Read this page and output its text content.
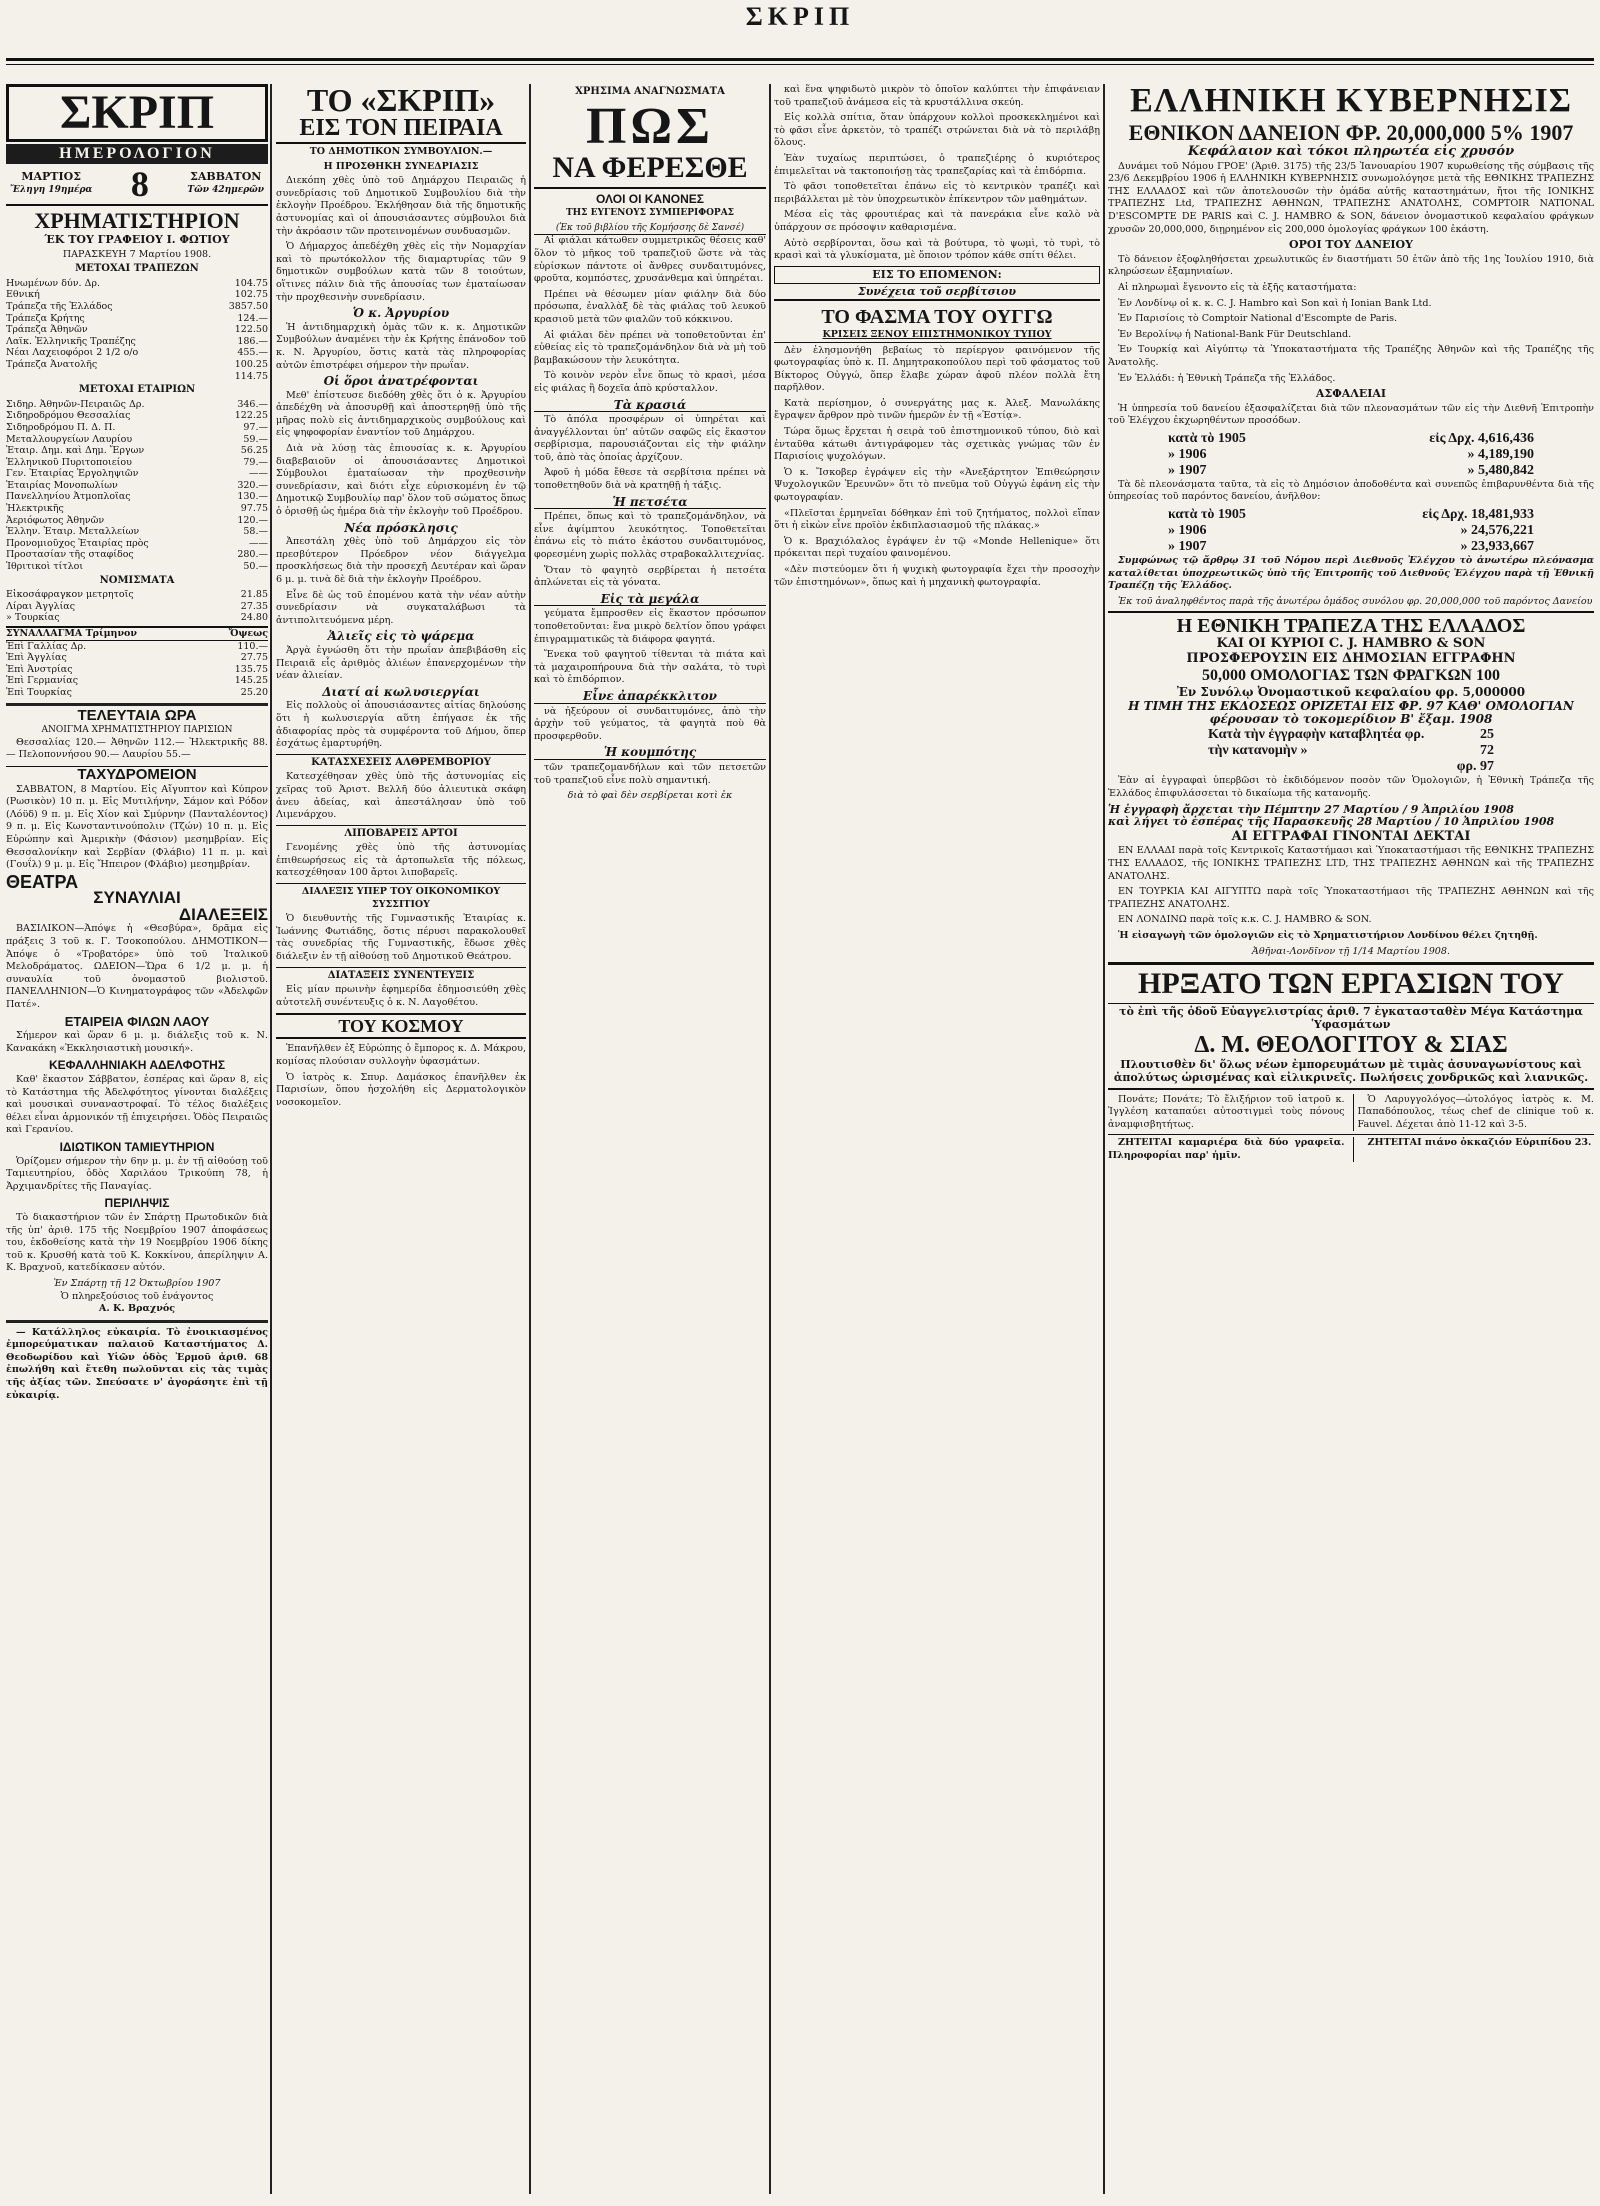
ΣΚΡΙΠ
ΣΚΡΙΠ
ΗΜΕΡΟΛΟΓΙΟΝ
ΜΑΡΤΙΟΣ
Ἔληγη 19ημέρα 8	ΣΑΒΒΑΤΟΝ
Τῶν 42ημερῶν
ΧΡΗΜΑΤΙΣΤΗΡΙΟΝ
ΈΚ ΤΟΥ ΓΡΑΦΕΙΟΥ Ι. ΦΩΤΙΟΥ
ΠΑΡΑΣΚΕΥΗ 7 Μαρτίου 1908.
ΜΕΤΟΧΑΙ ΤΡΑΠΕΖΩΝ
Ηνωμένων δύν. Δρ.	104.75
Εθνική	102.75
Τράπεζα τῆς Ἑλλάδος	3857.50
Τράπεζα Κρήτης	124.—
Τράπεζα Ἀθηνῶν	122.50
Λαϊκ. Ἑλληνικῆς Τραπέζης	186.—
Νέαι Λαχειοφόροι 2 1/2 ο/ο	455.—
Τράπεζα Ἀνατολῆς	100.25
114.75
ΜΕΤΟΧΑΙ ΕΤΑΙΡΙΩΝ
Σιδηρ. Ἀθηνῶν-Πειραιῶς Δρ.	346.—
Σιδηροδρόμου Θεσσαλίας	122.25
Σιδηροδρόμου Π. Δ. Π.	97.—
Μεταλλουργείων Λαυρίου	59.—
Ἐταιρ. Δημ. καὶ Δημ. Ἔργων	56.25
Ἑλληνικοῦ Πυριτοποιείου	79.—
Γεν. Ἐταιρίας Ἐργοληψιῶν	——
Ἐταιρίας Μονοπωλίων	320.—
Πανελληνίου Ἀτμοπλοΐας	130.—
Ἠλεκτρικῆς	97.75
Ἀεριόφωτος Ἀθηνῶν	120.—
Ἑλλην. Ἐταιρ. Μεταλλείων	58.—
Προνομιοῦχος Ἐταιρίας πρὸς	——
Προστασίαν τῆς σταφίδος	280.—
Ἰθριτικοὶ τίτλοι	50.—
ΝΟΜΙΣΜΑΤΑ
Εἰκοσάφραγκον μετρητοῖς	21.85
Λίραι Ἀγγλίας	27.35
» Τουρκίας	24.80
ΣΥΝΑΛΛΑΓΜΑ Τρίμηνον	Ὄψεως
Ἐπὶ Γαλλίας Δρ.	110.—
Ἐπὶ Ἀγγλίας	27.75
Ἐπὶ Ἀνστρίας	135.75
Ἐπὶ Γερμανίας	145.25
Ἐπὶ Τουρκίας	25.20
ΤΕΛΕΥΤΑΙΑ ΩΡΑ
ΑΝΟΙΓΜΑ ΧΡΗΜΑΤΙΣΤΗΡΙΟΥ ΠΑΡΙΣΙΩΝ

Θεσσαλίας 120.— Ἀθηνῶν 112.— Ἠλεκτρικῆς 88.— Πελοποννήσου 90.— Λαυρίου 55.—

ΤΑΧΥΔΡΟΜΕΙΟΝ

ΣΑΒΒΑΤΟΝ, 8 Μαρτίου. Εἰς Αἴγυπτον καὶ Κύπρον (Ρωσικὸν) 10 π. μ. Εἰς Μυτιλήνην, Σάμον καὶ Ρόδον (Λόϋδ) 9 π. μ. Εἰς Χίον καὶ Σμύρνην (Πανταλέοντος) 9 π. μ. Εἰς Κωνσταντινούπολιν (Τζών) 10 π. μ. Εἰς Εὐρώπην καὶ Ἀμερικὴν (Φάσιον) μεσημβρίαν. Εἰς Θεσσαλονίκην καὶ Σερβίαν (Φλάβιο) 11 π. μ. καὶ (Γουΐλ) 9 μ. μ. Εἰς Ἤπειρον (Φλάβιο) μεσημβρίαν.

ΘΕΑΤΡΑ
ΣΥΝΑΥΛΙΑΙ
ΔΙΑΛΕΞΕΙΣ

ΒΑΣΙΛΙΚΟΝ—Ἀπόψε ἡ «Θεσβύρα», δρᾶμα εἰς πράξεις 3 τοῦ κ. Γ. Τσοκοπούλου. ΔΗΜΟΤΙΚΟΝ—Ἀπόψε ὁ «Τροβατόρε» ὑπὸ τοῦ Ἰταλικοῦ Μελοδράματος. ΩΔΕΙΟΝ—Ὥρα 6 1/2 μ. μ. ἡ συναυλία τοῦ ὀνομαστοῦ βιολιστοῦ. ΠΑΝΕΛΛΗΝΙΟΝ—Ὁ Κινηματογράφος τῶν «Ἀδελφῶν Πατέ».

ΕΤΑΙΡΕΙΑ ΦΙΛΩΝ ΛΑΟΥ

Σήμερον καὶ ὥραν 6 μ. μ. διάλεξις τοῦ κ. Ν. Κανακάκη «Ἐκκλησιαστικὴ μουσική».

ΚΕΦΑΛΛΗΝΙΑΚΗ ΑΔΕΛΦΟΤΗΣ

Καθ' ἕκαστον Σάββατον, ἑσπέρας καὶ ὥραν 8, εἰς τὸ Κατάστημα τῆς Ἀδελφότητος γίνονται διαλέξεις καὶ μουσικαὶ συναναστροφαί. Τὸ τέλος διαλέξεις θέλει εἶναι ἁρμονικόν τῇ ἐπιχειρήσει. Ὁδὸς Πειραιῶς καὶ Γερανίου.

ΙΔΙΩΤΙΚΟΝ ΤΑΜΙΕΥΤΗΡΙΟΝ

Ὁρίζομεν σήμερον τὴν 6ην μ. μ. ἐν τῇ αἰθούσῃ τοῦ Ταμιευτηρίου, ὁδὸς Χαριλάου Τρικούπη 78, ἡ Ἀρχιμανδρίτες τῆς Παναγίας.

ΠΕΡΙΛΗΨΙΣ

Τὸ διακαστήριον τῶν ἐν Σπάρτῃ Πρωτοδικῶν διὰ τῆς ὑπ' ἀριθ. 175 τῆς Νοεμβρίου 1907 ἀποφάσεως του, ἐκδοθείσης κατὰ τὴν 19 Νοεμβρίου 1906 δίκης τοῦ κ. Κρυσθή κατὰ τοῦ Κ. Κοκκίνου, ἀπερίληψιν Α. Κ. Βραχνοῦ, κατεδίκασεν αὐτόν.

Ἐν Σπάρτῃ τῇ 12 Ὀκτωβρίου 1907
Ὁ πληρεξούσιος τοῦ ἐνάγοντος
Α. Κ. Βραχνός

— Κατάλληλος εὐκαιρία. Τὸ ἐνοικιασμένος ἐμπορεύματικαν παλαιοῦ Καταστήματος Δ. Θεοδωρίδου καὶ Υἱῶν ὁδὸς Ἐρμοῦ ἀριθ. 68 ἐπωλήθη καὶ ἔτεθη πωλοῦνται εἰς τὰς τιμὰς τῆς ἀξίας τῶν. Σπεύσατε ν' ἀγοράσητε ἐπὶ τῇ εὐκαιρίᾳ.

ΤΟ «ΣΚΡΙΠ»
ΕΙΣ ΤΟΝ ΠΕΙΡΑΙΑ
ΤΟ ΔΗΜΟΤΙΚΟΝ ΣΥΜΒΟΥΛΙΟΝ.—
Η ΠΡΟΣΘΗΚΗ ΣΥΝΕΔΡΙΑΣΙΣ

Διεκόπη χθὲς ὑπὸ τοῦ Δημάρχου Πειραιῶς ἡ συνεδρίασις τοῦ Δημοτικοῦ Συμβουλίου διὰ τὴν ἐκλογὴν Προέδρου. Ἐκλήθησαν διὰ τῆς δημοτικῆς ἀστυνομίας καὶ οἱ ἀπουσιάσαντες σύμβουλοι διὰ τὴν ἀκρόασιν τῶν προτεινομένων συνδυασμῶν.

Ὁ Δήμαρχος ἀπεδέχθη χθὲς εἰς τὴν Νομαρχίαν καὶ τὸ πρωτόκολλον τῆς διαμαρτυρίας τῶν 9 δημοτικῶν συμβούλων κατὰ τῶν 8 τοιούτων, οἵτινες πάλιν διὰ τῆς ἀπουσίας των ἐματαίωσαν τὴν προχθεσινὴν συνεδρίασιν.

Ὁ κ. Ἀργυρίου

Ἡ ἀντιδημαρχικὴ ὁμὰς τῶν κ. κ. Δημοτικῶν Συμβούλων ἀναμένει τὴν ἐκ Κρήτης ἐπάνοδον τοῦ κ. Ν. Ἀργυρίου, ὅστις κατὰ τὰς πληροφορίας αὐτῶν ἐπιστρέφει σήμερον τὴν πρωΐαν.

Οἱ ὅροι ἀνατρέφονται

Μεθ' ἐπίστευσε διεδόθη χθὲς ὅτι ὁ κ. Ἀργυρίου ἀπεδέχθη νὰ ἀποσυρθῇ καὶ ἀποστερηθῇ ὑπὸ τῆς μῆρας πολὺ εἰς ἀντιδημαρχικοὺς συμβούλους καὶ εἰς ψηφοφορίαν ἐναντίον τοῦ Δημάρχου.

Διὰ νὰ λύσῃ τὰς ἐπιουσίας κ. κ. Ἀργυρίου διαβεβαιοῦν οἱ ἀπουσιάσαντες Δημοτικοὶ Σύμβουλοι ἐματαίωσαν τὴν προχθεσινὴν συνεδρίασιν, καὶ διότι εἶχε εὑρισκομένη ἐν τῷ Δημοτικῷ Συμβουλίῳ παρ' ὅλον τοῦ σώματος ὅπως ὁ ὁρισθῇ ὡς ἡμέρα διὰ τὴν ἐκλογὴν τοῦ Προέδρου.

Νέα πρόσκλησις

Ἀπεστάλη χθὲς ὑπὸ τοῦ Δημάρχου εἰς τὸν πρεσβύτερον Πρόεδρον νέον διάγγελμα προσκλήσεως διὰ τὴν προσεχῆ Δευτέραν καὶ ὥραν 6 μ. μ. τινὰ δὲ διὰ τὴν ἐκλογὴν Προέδρου.

Εἶνε δὲ ὡς τοῦ ἐπομένου κατὰ τὴν νέαν αὐτὴν συνεδρίασιν νὰ συγκαταλάβωσι τὰ ἀντιπολιτευόμενα μέρη.

Ἁλιεῖς εἰς τὸ ψάρεμα

Ἀργὰ ἐγνώσθη ὅτι τὴν πρωΐαν ἀπεβιβάσθη εἰς Πειραιᾶ εἷς ἀριθμὸς ἀλιέων ἐπανερχομένων τὴν νέαν ἀλιείαν.

Διατί αἱ κωλυσιεργίαι

Εἰς πολλοὺς οἱ ἀπουσιάσαντες αἰτίας δηλούσης ὅτι ἡ κωλυσιεργία αὕτη ἐπήγασε ἐκ τῆς ἀδιαφορίας πρὸς τὰ συμφέροντα τοῦ Δήμου, ὅπερ ἐσχάτως ἐμαρτυρήθη.

ΚΑΤΑΣΧΕΣΕΙΣ ΑΛΘΡΕΜΒΟΡΙΟΥ

Κατεσχέθησαν χθὲς ὑπὸ τῆς ἀστυνομίας εἰς χεῖρας τοῦ Ἀριστ. Βελλῆ δύο ἀλιευτικὰ σκάφη ἀνευ ἀδείας, καὶ ἀπεστάλησαν ὑπὸ τοῦ Λιμενάρχου.

ΛΙΠΟΒΑΡΕΙΣ ΑΡΤΟΙ

Γενομένης χθὲς ὑπὸ τῆς ἀστυνομίας ἐπιθεωρήσεως εἰς τὰ ἀρτοπωλεῖα τῆς πόλεως, κατεσχέθησαν 100 ἄρτοι λιποβαρεῖς.

ΔΙΑΛΕΞΙΣ ΥΠΕΡ ΤΟΥ ΟΙΚΟΝΟΜΙΚΟΥ ΣΥΣΣΙΤΙΟΥ

Ὁ διευθυντὴς τῆς Γυμναστικῆς Ἑταιρίας κ. Ἰωάννης Φωτιάδης, ὅστις πέρυσι παρακολουθεῖ τὰς συνεδρίας τῆς Γυμναστικῆς, ἔδωσε χθὲς διάλεξιν ἐν τῇ αἰθούσῃ τοῦ Δημοτικοῦ Θεάτρου.

ΔΙΑΤΑΞΕΙΣ ΣΥΝΕΝΤΕΥΞΙΣ

Εἰς μίαν πρωινὴν ἐφημερίδα ἐδημοσιεύθη χθὲς αὐτοτελῆ συνέντευξις ὁ κ. Ν. Λαγοθέτου.

ΤΟΥ ΚΟΣΜΟΥ

Ἐπανῆλθεν ἐξ Εὐρώπης ὁ ἔμπορος κ. Δ. Μάκρου, κομίσας πλούσιαν συλλογὴν ὑφασμάτων.

Ὁ ἰατρὸς κ. Σπυρ. Δαμάσκος ἐπανῆλθεν ἐκ Παρισίων, ὅπου ἠσχολήθη εἰς Δερματολογικὸν νοσοκομεῖον.

ΧΡΗΣΙΜΑ ΑΝΑΓΝΩΣΜΑΤΑ
ΠΩΣ
ΝΑ ΦΕΡΕΣΘΕ
ΟΛΟΙ ΟΙ ΚΑΝΟΝΕΣ
ΤΗΣ ΕΥΓΕΝΟΥΣ ΣΥΜΠΕΡΙΦΟΡΑΣ
(Ἐκ τοῦ βιβλίου τῆς Κομήσσης δὲ Σανσέ)

Αἱ φιάλαι κάτωθεν συμμετρικῶς θέσεις καθ' ὅλον τὸ μῆκος τοῦ τραπεζιοῦ ὥστε νὰ τὰς εὑρίσκων πάντοτε οἱ ἄνθρες συνδαιτυμόνες, φροῦτα, κομπόστες, χρυσάνθεμα καὶ ὑπηρέται.

Πρέπει νὰ θέσωμεν μίαν φιάλην διὰ δύο πρόσωπα, ἐναλλὰξ δὲ τὰς φιάλας τοῦ λευκοῦ κρασιοῦ μετὰ τῶν φιαλῶν τοῦ κόκκινου.

Αἱ φιάλαι δὲν πρέπει νὰ τοποθετοῦνται ἐπ' εὐθείας εἰς τὸ τραπεζομάνδηλον διὰ νὰ μὴ τοῦ βαμβακώσουν τὴν λευκότητα.

Τὸ κοινὸν νερὸν εἶνε ὅπως τὸ κρασὶ, μέσα εἰς φιάλας ἢ δοχεῖα ἀπὸ κρύσταλλον.

Τὰ κρασιά

Τὸ ἀπόλα προσφέρων οἱ ὑπηρέται καὶ ἀναγγέλλονται ὑπ' αὐτῶν σαφῶς εἰς ἕκαστον σερβίρισμα, παρουσιάζονται εἰς τὴν φιάλην τοῦ, ἀπὸ τὰς ὁποίας ἀρχίζουν.

Ἀφοῦ ἡ μόδα ἔθεσε τὰ σερβίτσια πρέπει νὰ τοποθετηθοῦν διὰ νὰ κρατηθῇ ἡ τάξις.

Ἡ πετσέτα

Πρέπει, ὅπως καὶ τὸ τραπεζομάνδηλον, νὰ εἶνε ἀψίμπτου λευκότητος. Τοποθετεῖται ἐπάνω εἰς τὸ πιάτο ἑκάστου συνδαιτυμόνος, φορεσμένη χωρὶς πολλὰς στραβοκαλλιτεχνίας.

Ὅταν τὸ φαγητὸ σερβίρεται ἡ πετσέτα ἀπλώνεται εἰς τὰ γόνατα.

Εἰς τὰ μεγάλα

γεύματα ἔμπροσθεν εἰς ἕκαστον πρόσωπον τοποθετοῦνται: ἕνα μικρὸ δελτίον ὅπου γράφει ἐπιγραμματικῶς τὰ διάφορα φαγητά.

Ἔνεκα τοῦ φαγητοῦ τίθενται τὰ πιάτα καὶ τὰ μαχαιροπήρουνα διὰ τὴν σαλάτα, τὸ τυρὶ καὶ τὸ ἐπιδόρπιον.

Εἶνε ἀπαρέκκλιτον

νὰ ἠξεύρουν οἱ συνδαιτυμόνες, ἀπὸ τὴν ἀρχὴν τοῦ γεύματος, τὰ φαγητὰ ποὺ θὰ προσφερθοῦν.

Ἡ κουμπότης

τῶν τραπεζομανδήλων καὶ τῶν πετσετῶν τοῦ τραπεζιοῦ εἶνε πολὺ σημαντική.

διὰ τὸ φαὶ δὲν σερβίρεται κοτὶ ἐκ

καὶ ἕνα ψηφιδωτὸ μικρὸν τὸ ὁποῖον καλύπτει τὴν ἐπιφάνειαν τοῦ τραπεζιοῦ ἀνάμεσα εἰς τὰ κρυστάλλινα σκεύη.

Εἰς κολλὰ σπίτια, ὅταν ὑπάρχουν κολλοὶ προσκεκλημένοι καὶ τὸ φᾶσι εἶνε ἀρκετὸν, τὸ τραπέζι στρώνεται διὰ νὰ τὸ περιλάβῃ ὅλους.

Ἐὰν τυχαίως περιπτώσει, ὁ τραπεζιέρης ὁ κυριότερος ἐπιμελεῖται νὰ τακτοποιήσῃ τὰς τραπεζαρίας καὶ τὰ ἐπιδόρπια.

Τὸ φᾶσι τοποθετεῖται ἐπάνω εἰς τὸ κεντρικὸν τραπέζι καὶ περιβάλλεται μὲ τὸν ὑποχρεωτικὸν ἐπίκεντρον τῶν μαθημάτων.

Μέσα εἰς τὰς φρουτιέρας καὶ τὰ πανεράκια εἶνε καλὸ νὰ ὑπάρχουν σε πρόσοψιν καθαρισμένα.

Αὐτὸ σερβίρονται, ὅσω καὶ τὰ βούτυρα, τὸ ψωμὶ, τὸ τυρὶ, τὸ κρασὶ καὶ τὰ γλυκίσματα, μὲ ὅποιον τρόπον κάθε σπίτι θέλει.

ΕΙΣ ΤΟ ΕΠΟΜΕΝΟΝ:
Συνέχεια τοῦ σερβίτσιου
ΤΟ ΦΑΣΜΑ ΤΟΥ ΟΥΓΓΩ
ΚΡΙΣΕΙΣ ΞΕΝΟΥ ΕΠΙΣΤΗΜΟΝΙΚΟΥ ΤΥΠΟΥ

Δὲν ἐλησμονήθη βεβαίως τὸ περίεργον φαινόμενον τῆς φωτογραφίας ὑπὸ κ. Π. Δημητρακοπούλου περὶ τοῦ φάσματος τοῦ Βίκτορος Οὐγγώ, ὅπερ ἔλαβε χώραν ἀφοῦ πλέον πολλὰ ἔτη παρῆλθον.

Κατὰ περίσημον, ὁ συνεργάτης μας κ. Ἀλεξ. Μανωλάκης ἔγραψεν ἄρθρον πρὸ τινῶν ἡμερῶν ἐν τῇ «Ἐστίᾳ».

Τώρα ὅμως ἔρχεται ἡ σειρὰ τοῦ ἐπιστημονικοῦ τύπου, διὸ καὶ ἐνταῦθα κάτωθι ἀντιγράφομεν τὰς σχετικὰς γνώμας τῶν ἐν Παρισίοις ψυχολόγων.

Ὁ κ. Ἴσκοβερ ἐγράψεν εἰς τὴν «Ἀνεξάρτητον Ἐπιθεώρησιν Ψυχολογικῶν Ἐρευνῶν» ὅτι τὸ πνεῦμα τοῦ Οὐγγώ ἐφάνη εἰς τὴν φωτογραφίαν.

«Πλεῖσται ἐρμηνεῖαι δόθηκαν ἐπὶ τοῦ ζητήματος, πολλοὶ εἴπαν ὅτι ἡ εἰκὼν εἶνε προϊὸν ἐκδιπλασιασμοῦ τῆς πλάκας.»

Ὁ κ. Βραχιόλαλος ἐγράψεν ἐν τῷ «Monde Hellenique» ὅτι πρόκειται περὶ τυχαίου φαινομένου.

«Δὲν πιστεύομεν ὅτι ἡ ψυχικὴ φωτογραφία ἔχει τὴν προσοχὴν τῶν ἐπιστημόνων», ὅπως καὶ ἡ μηχανικὴ φωτογραφία.

ΕΛΛΗΝΙΚΗ ΚΥΒΕΡΝΗΣΙΣ
ΕΘΝΙΚΟΝ ΔΑΝΕΙΟΝ ΦΡ. 20,000,000 5% 1907
Κεφάλαιον καὶ τόκοι πληρωτέα εἰς χρυσόν

Δυνάμει τοῦ Νόμου ΓΡΟΕ' (Ἀριθ. 3175) τῆς 23/5 Ἰανουαρίου 1907 κυρωθείσης τῆς σύμβασις τῆς 23/6 Δεκεμβρίου 1906 ἡ ΕΛΛΗΝΙΚΗ ΚΥΒΕΡΝΗΣΙΣ συνωμολόγησε μετὰ τῆς ΕΘΝΙΚΗΣ ΤΡΑΠΕΖΗΣ ΤΗΣ ΕΛΛΑΔΟΣ καὶ τῶν ἀποτελουσῶν τὴν ὁμάδα αὐτῆς καταστημάτων, ἤτοι τῆς ΙΟΝΙΚΗΣ ΤΡΑΠΕΖΗΣ Ltd, ΤΡΑΠΕΖΗΣ ΑΘΗΝΩΝ, ΤΡΑΠΕΖΗΣ ΑΝΑΤΟΛΗΣ, COMPTOIR NATIONAL D'ESCOMPTE DE PARIS καὶ C. J. HAMBRO & SON, δάνειον ὀνομαστικοῦ κεφαλαίου φράγκων χρυσῶν 20,000,000, διῃρημένον εἰς 200,000 ὁμολογίας φράγκων 100 ἑκάστη.

ΟΡΟΙ ΤΟΥ ΔΑΝΕΙΟΥ

Τὸ δάνειον ἐξοφληθήσεται χρεωλυτικῶς ἐν διαστήματι 50 ἐτῶν ἀπὸ τῆς 1ης Ἰουλίου 1910, διὰ κληρώσεων ἐξαμηνιαίων.

Αἱ πληρωμαὶ ἔγενοντο εἰς τὰ ἑξῆς καταστήματα:

Ἐν Λονδίνῳ οἱ κ. κ. C. J. Hambro καὶ Son καὶ ἡ Ionian Bank Ltd.

Ἐν Παρισίοις τὸ Comptoir National d'Escompte de Paris.

Ἐν Βερολίνῳ ἡ National-Bank Für Deutschland.

Ἐν Τουρκίᾳ καὶ Αἰγύπτῳ τὰ Ὑποκαταστήματα τῆς Τραπέζης Ἀθηνῶν καὶ τῆς Τραπέζης τῆς Ἀνατολῆς.

Ἐν Ἑλλάδι: ἡ Ἐθνικὴ Τράπεζα τῆς Ἑλλάδος.

ΑΣΦΑΛΕΙΑΙ

Ἡ ὑπηρεσία τοῦ δανείου ἐξασφαλίζεται διὰ τῶν πλεονασμάτων τῶν εἰς τὴν Διεθνῆ Ἐπιτροπὴν τοῦ Ἐλέγχου ἐκχωρηθέντων προσόδων.

κατὰ τὸ 1905	εἰς Δρχ. 4,616,436
» 1906	» 4,189,190
» 1907	» 5,480,842

Τὰ δὲ πλεονάσματα ταῦτα, τὰ εἰς τὸ Δημόσιον ἀποδοθέντα καὶ συνεπῶς ἐπιβαρυνθέντα διὰ τῆς ὑπηρεσίας τοῦ παρόντος δανείου, ἀνῆλθον:

κατὰ τὸ 1905	εἰς Δρχ. 18,481,933
» 1906	» 24,576,221
» 1907	» 23,933,667

Συμφώνως τῷ ἄρθρῳ 31 τοῦ Νόμου περὶ Διεθνοῦς Ἐλέγχου τὸ ἀνωτέρω πλεόνασμα καταλίθεται ὑποχρεωτικῶς ὑπὸ τῆς Ἐπιτροπῆς τοῦ Διεθνοῦς Ἐλέγχου παρὰ τῇ Ἐθνικῇ Τραπέζῃ τῆς Ἑλλάδος.

Ἐκ τοῦ ἀναληφθέντος παρὰ τῆς ἀνωτέρω ὁμάδος συνόλου φρ. 20,000,000 τοῦ παρόντος Δανείου

Η ΕΘΝΙΚΗ ΤΡΑΠΕΖΑ ΤΗΣ ΕΛΛΑΔΟΣ
ΚΑΙ ΟΙ ΚΥΡΙΟΙ C. J. HAMBRO & SON
ΠΡΟΣΦΕΡΟΥΣΙΝ ΕΙΣ ΔΗΜΟΣΙΑΝ ΕΓΓΡΑΦΗΝ
50,000 ΟΜΟΛΟΓΙΑΣ ΤΩΝ ΦΡΑΓΚΩΝ 100
Ἐν Συνόλῳ Ὀνομαστικοῦ κεφαλαίου φρ. 5,000000
Η ΤΙΜΗ ΤΗΣ ΕΚΔΟΣΕΩΣ ΟΡΙΖΕΤΑΙ ΕΙΣ ΦΡ. 97 ΚΑΘ' ΟΜΟΛΟΓΙΑΝ φέρουσαν τὸ τοκομερίδιον Β' ἔξαμ. 1908
Κατὰ τὴν ἐγγραφὴν καταβλητέα φρ.	25
τὴν κατανομὴν »	72
φρ. 97

Ἐὰν αἱ ἐγγραφαὶ ὑπερβῶσι τὸ ἐκδιδόμενον ποσὸν τῶν Ὁμολογιῶν, ἡ Ἐθνικὴ Τράπεζα τῆς Ἑλλάδος ἐπιφυλάσσεται τὸ δικαίωμα τῆς κατανομῆς.

Ἡ ἐγγραφὴ ἄρχεται τὴν Πέμπτην 27 Μαρτίου / 9 Ἀπριλίου 1908
καὶ λήγει τὸ ἑσπέρας τῆς Παρασκευῆς 28 Μαρτίου / 10 Ἀπριλίου 1908
ΑΙ ΕΓΓΡΑΦΑΙ ΓΙΝΟΝΤΑΙ ΔΕΚΤΑΙ

ΕΝ ΕΛΛΑΔΙ παρὰ τοῖς Κεντρικοῖς Καταστήμασι καὶ Ὑποκαταστήμασι τῆς ΕΘΝΙΚΗΣ ΤΡΑΠΕΖΗΣ ΤΗΣ ΕΛΛΑΔΟΣ, τῆς ΙΟΝΙΚΗΣ ΤΡΑΠΕΖΗΣ LTD, ΤΗΣ ΤΡΑΠΕΖΗΣ ΑΘΗΝΩΝ καὶ τῆς ΤΡΑΠΕΖΗΣ ΑΝΑΤΟΛΗΣ.

ΕΝ ΤΟΥΡΚΙΑ ΚΑΙ ΑΙΓΥΠΤΩ παρὰ τοῖς Ὑποκαταστήμασι τῆς ΤΡΑΠΕΖΗΣ ΑΘΗΝΩΝ καὶ τῆς ΤΡΑΠΕΖΗΣ ΑΝΑΤΟΛΗΣ.

ΕΝ ΛΟΝΔΙΝΩ παρὰ τοῖς κ.κ. C. J. HAMBRO & SON.

Ἡ εἰσαγωγὴ τῶν ὁμολογιῶν εἰς τὸ Χρηματιστήριον Λονδίνου θέλει ζητηθῇ.

Ἀθῆναι-Λονδῖνον τῇ 1/14 Μαρτίου 1908.
ΗΡΞΑΤΟ ΤΩΝ ΕΡΓΑΣΙΩΝ ΤΟΥ
τὸ ἐπὶ τῆς ὁδοῦ Εὐαγγελιστρίας ἀριθ. 7 ἐγκατασταθὲν Μέγα Κατάστημα Ὑφασμάτων
Δ. Μ. ΘΕΟΛΟΓΙΤΟΥ & ΣΙΑΣ
Πλουτισθὲν δι' ὅλως νέων ἐμπορευμάτων μὲ τιμὰς ἀσυναγωνίστους καὶ ἀπολύτως ὡρισμένας καὶ εἰλικρινεῖς. Πωλήσεις χονδρικῶς καὶ λιανικῶς.

Πονάτε; Πονάτε; Τὸ ἔλιξήριον τοῦ ἰατροῦ κ. Ἰγγλέση καταπαύει αὐτοστιγμεὶ τοὺς πόνους ἀναμφισβητήτως.

Ὁ Λαρυγγολόγος—ὠτολόγος ἰατρὸς κ. Μ. Παπαδόπουλος, τέως chef de clinique τοῦ κ. Fauvel. Δέχεται ἀπὸ 11-12 καὶ 3-5.

ΖΗΤΕΙΤΑΙ καμαριέρα διὰ δύο γραφεῖα. Πληροφορίαι παρ' ἡμῖν.

ΖΗΤΕΙΤΑΙ πιάνο ὀκκαζιόν Εὐριπίδου 23.
